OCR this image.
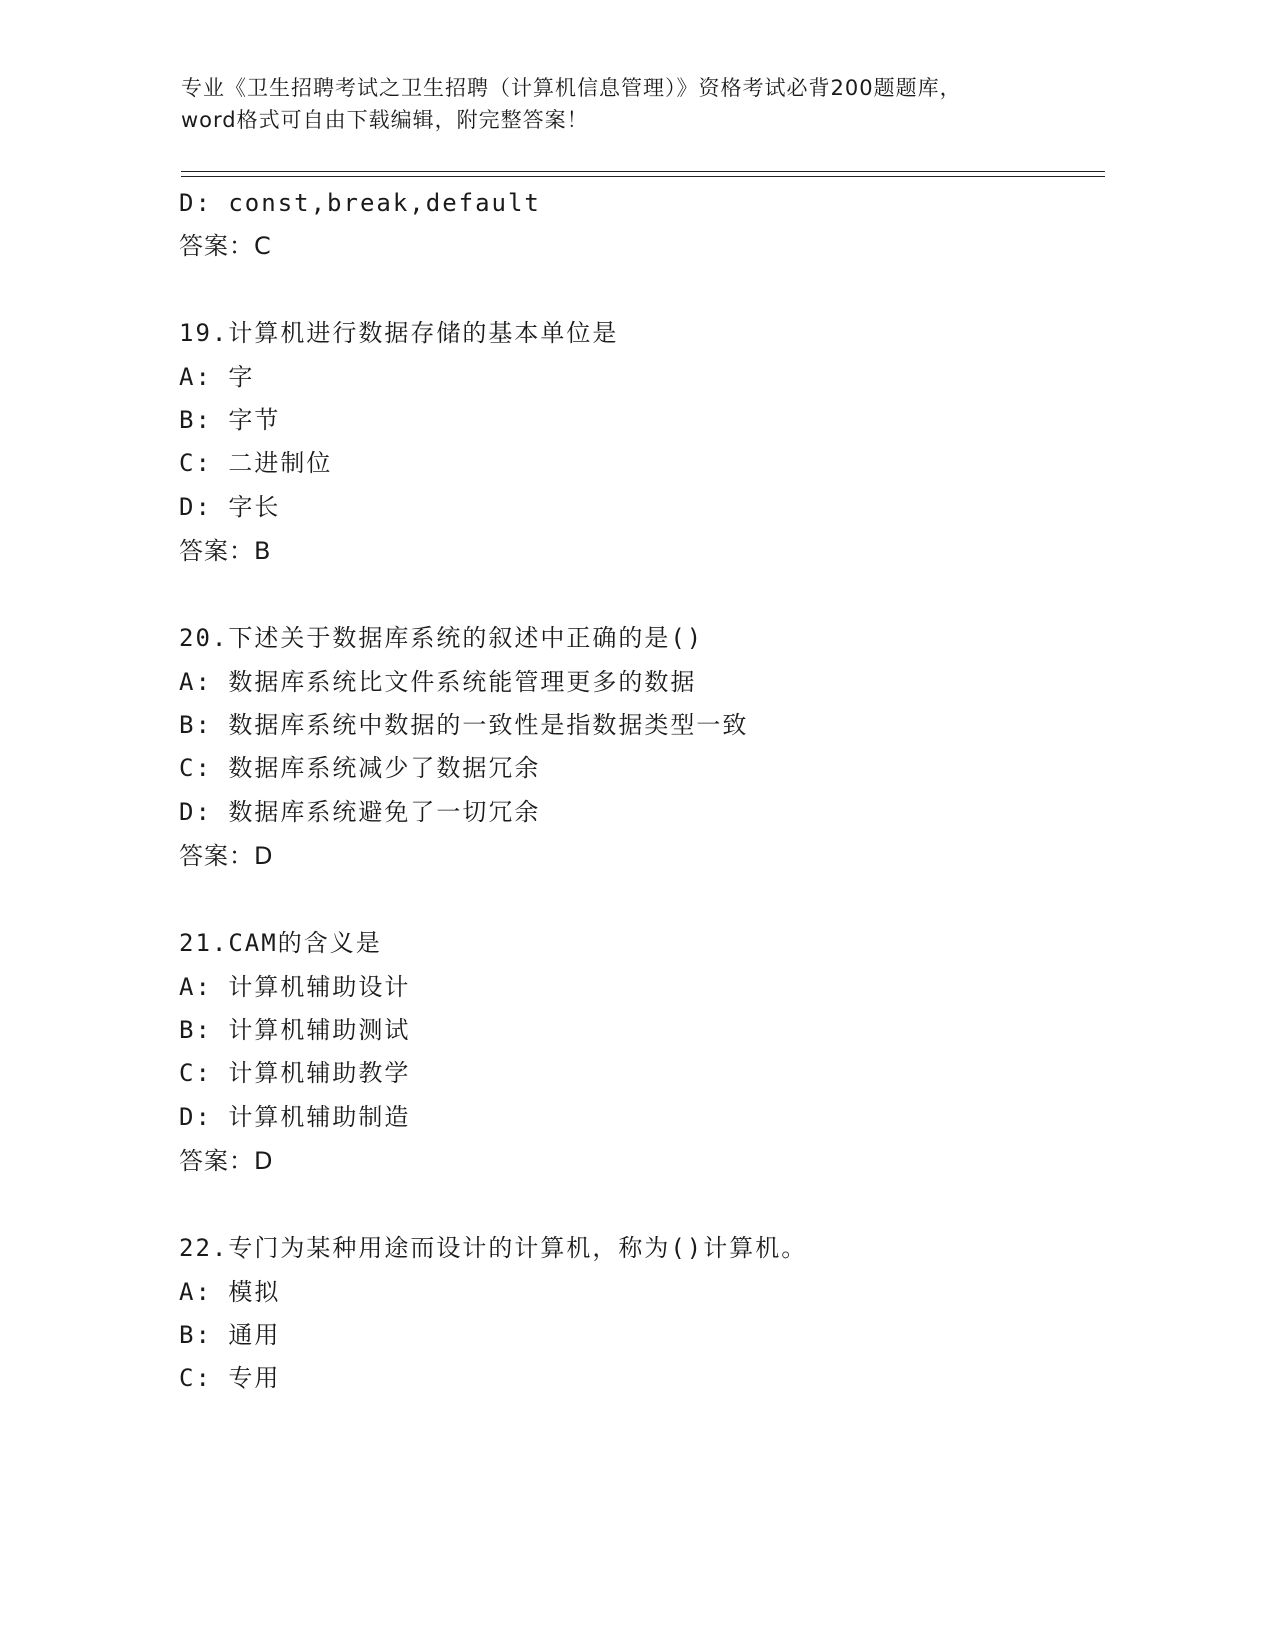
专业《卫生招聘考试之卫生招聘（计算机信息管理）》资格考试必背200题题库，
word格式可自由下载编辑，附完整答案！
D: const,break,default
答案：C
19.计算机进行数据存储的基本单位是
A: 字
B: 字节
C: 二进制位
D: 字长
答案：B
20.下述关于数据库系统的叙述中正确的是()
A: 数据库系统比文件系统能管理更多的数据
B: 数据库系统中数据的一致性是指数据类型一致
C: 数据库系统减少了数据冗余
D: 数据库系统避免了一切冗余
答案：D
21.CAM的含义是
A: 计算机辅助设计
B: 计算机辅助测试
C: 计算机辅助教学
D: 计算机辅助制造
答案：D
22.专门为某种用途而设计的计算机，称为()计算机。
A: 模拟
B: 通用
C: 专用
